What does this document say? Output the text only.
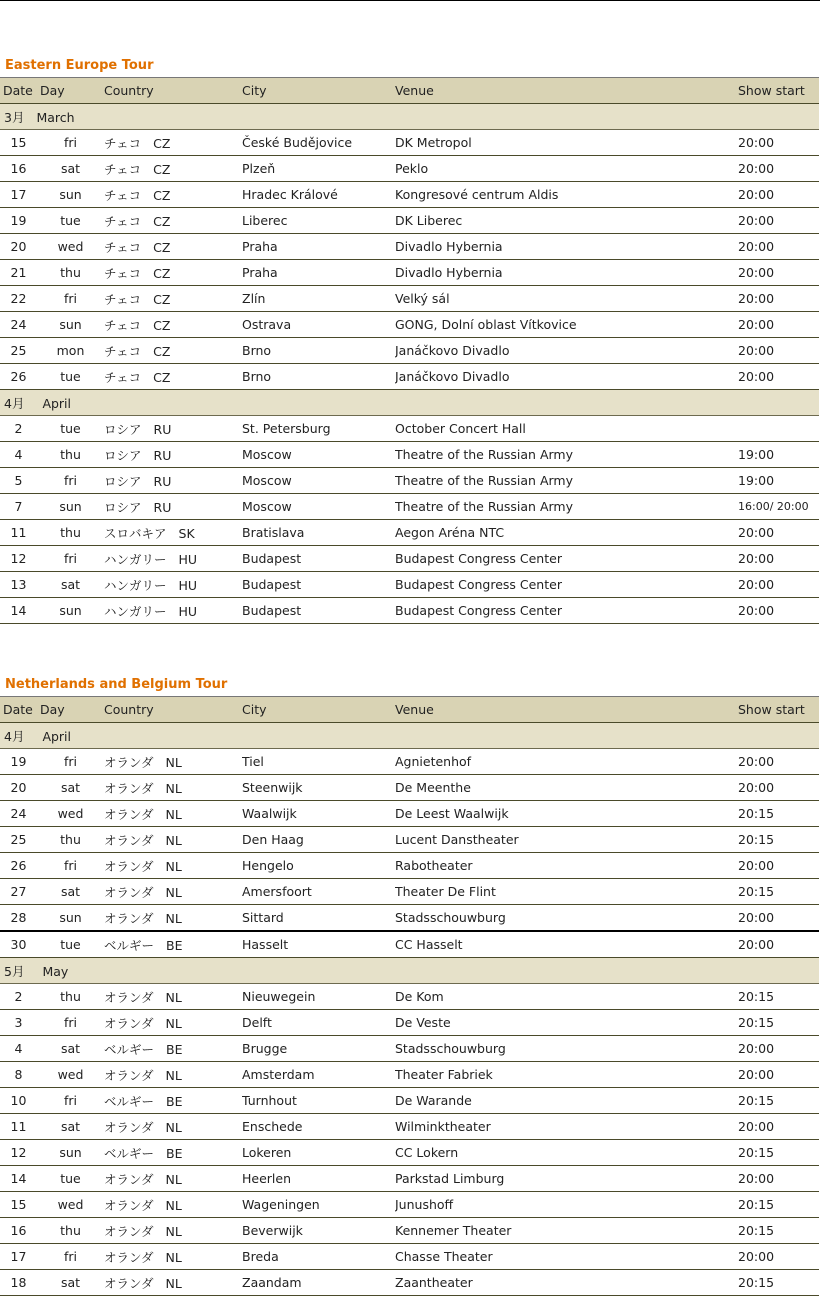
Eastern Europe Tour
Date	Day	Country	City	Venue	Show start
3月 March					
15	fri	チェコ CZ	České Budějovice	DK Metropol	20:00
16	sat	チェコ CZ	Plzeň	Peklo	20:00
17	sun	チェコ CZ	Hradec Králové	Kongresové centrum Aldis	20:00
19	tue	チェコ CZ	Liberec	DK Liberec	20:00
20	wed	チェコ CZ	Praha	Divadlo Hybernia	20:00
21	thu	チェコ CZ	Praha	Divadlo Hybernia	20:00
22	fri	チェコ CZ	Zlín	Velký sál	20:00
24	sun	チェコ CZ	Ostrava	GONG, Dolní oblast Vítkovice	20:00
25	mon	チェコ CZ	Brno	Janáčkovo Divadlo	20:00
26	tue	チェコ CZ	Brno	Janáčkovo Divadlo	20:00
4月 April					
2	tue	ロシア RU	St. Petersburg	October Concert Hall	
4	thu	ロシア RU	Moscow	Theatre of the Russian Army	19:00
5	fri	ロシア RU	Moscow	Theatre of the Russian Army	19:00
7	sun	ロシア RU	Moscow	Theatre of the Russian Army	16:00/ 20:00
11	thu	スロバキア SK	Bratislava	Aegon Aréna NTC	20:00
12	fri	ハンガリー HU	Budapest	Budapest Congress Center	20:00
13	sat	ハンガリー HU	Budapest	Budapest Congress Center	20:00
14	sun	ハンガリー HU	Budapest	Budapest Congress Center	20:00
Netherlands and Belgium Tour
Date	Day	Country	City	Venue	Show start
4月 April					
19	fri	オランダ NL	Tiel	Agnietenhof	20:00
20	sat	オランダ NL	Steenwijk	De Meenthe	20:00
24	wed	オランダ NL	Waalwijk	De Leest Waalwijk	20:15
25	thu	オランダ NL	Den Haag	Lucent Danstheater	20:15
26	fri	オランダ NL	Hengelo	Rabotheater	20:00
27	sat	オランダ NL	Amersfoort	Theater De Flint	20:15
28	sun	オランダ NL	Sittard	Stadsschouwburg	20:00
30	tue	ベルギー BE	Hasselt	CC Hasselt	20:00
5月 May					
2	thu	オランダ NL	Nieuwegein	De Kom	20:15
3	fri	オランダ NL	Delft	De Veste	20:15
4	sat	ベルギー BE	Brugge	Stadsschouwburg	20:00
8	wed	オランダ NL	Amsterdam	Theater Fabriek	20:00
10	fri	ベルギー BE	Turnhout	De Warande	20:15
11	sat	オランダ NL	Enschede	Wilminktheater	20:00
12	sun	ベルギー BE	Lokeren	CC Lokern	20:15
14	tue	オランダ NL	Heerlen	Parkstad Limburg	20:00
15	wed	オランダ NL	Wageningen	Junushoff	20:15
16	thu	オランダ NL	Beverwijk	Kennemer Theater	20:15
17	fri	オランダ NL	Breda	Chasse Theater	20:00
18	sat	オランダ NL	Zaandam	Zaantheater	20:15
